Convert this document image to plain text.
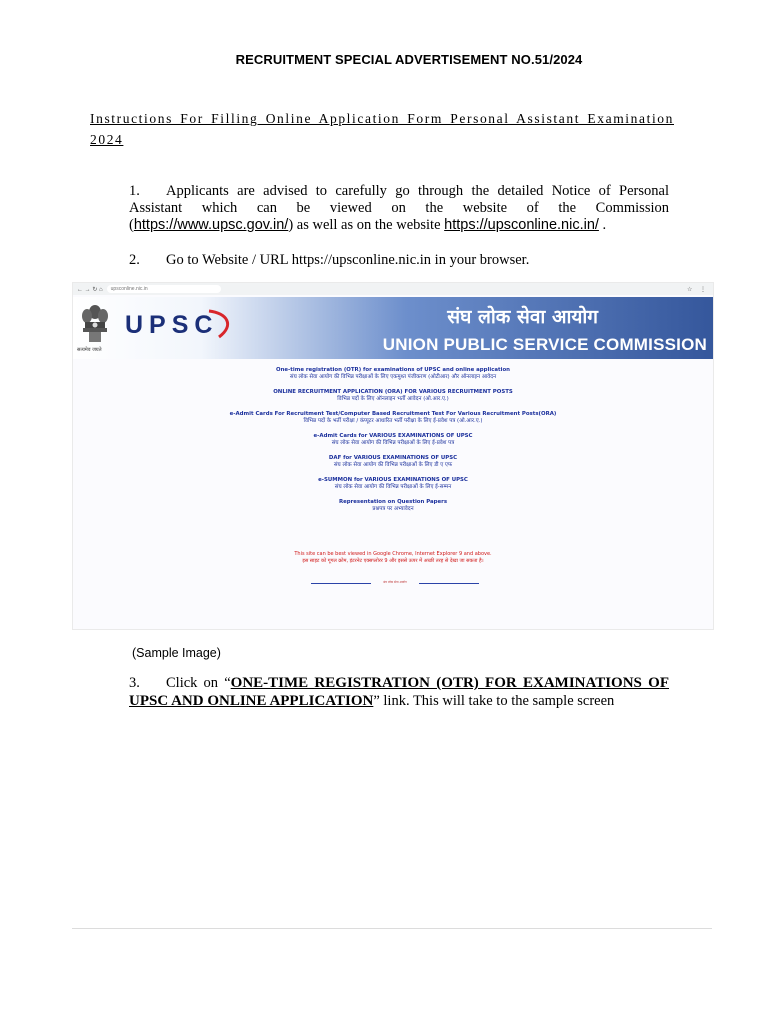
RECRUITMENT SPECIAL ADVERTISEMENT NO.51/2024
Instructions For Filling Online Application Form Personal Assistant Examination 2024
1. Applicants are advised to carefully go through the detailed Notice of Personal Assistant which can be viewed on the website of the Commission (https://www.upsc.gov.in/) as well as on the website https://upsconline.nic.in/ .
2. Go to Website / URL https://upsconline.nic.in in your browser.
← → ↻ ⌂	upsconline.nic.in	☆ ⋮
सत्यमेव जयते
UPSC	संघ लोक सेवा आयोग
UNION PUBLIC SERVICE COMMISSION
One-time registration (OTR) for examinations of UPSC and online application
संघ लोक सेवा आयोग की विभिन्न परीक्षाओं के लिए एकमुश्त पंजीकरण (ओटीआर) और ऑनलाइन आवेदन
ONLINE RECRUITMENT APPLICATION (ORA) FOR VARIOUS RECRUITMENT POSTS
विभिन्न पदों के लिए ऑनलाइन भर्ती आवेदन (ओ.आर.ए.)
e-Admit Cards For Recruitment Test/Computer Based Recruitment Test For Various Recruitment Posts(ORA)
विभिन्न पदों के भर्ती परीक्षा / कंप्यूटर आधारित भर्ती परीक्षा के लिए ई-प्रवेश पत्र (ओ.आर.ए.)
e-Admit Cards for VARIOUS EXAMINATIONS OF UPSC
संघ लोक सेवा आयोग की विभिन्न परीक्षाओं के लिए ई-प्रवेश पत्र
DAF for VARIOUS EXAMINATIONS OF UPSC
संघ लोक सेवा आयोग की विभिन्न परीक्षाओं के लिए डी ए एफ
e-SUMMON for VARIOUS EXAMINATIONS OF UPSC
संघ लोक सेवा आयोग की विभिन्न परीक्षाओं के लिए ई-सम्मन
Representation on Question Papers
प्रश्नपत्र पर अभ्यावेदन
This site can be best viewed in Google Chrome, Internet Explorer 9 and above.
इस साइट को गूगल क्रोम, इंटरनेट एक्सप्लोरर 9 और इससे ऊपर में अच्छी तरह से देखा जा सकता है।
संघ लोक सेवा आयोग
(Sample Image)
3. Click on “ONE-TIME REGISTRATION (OTR) FOR EXAMINATIONS OF UPSC AND ONLINE APPLICATION” link. This will take to the sample screen
